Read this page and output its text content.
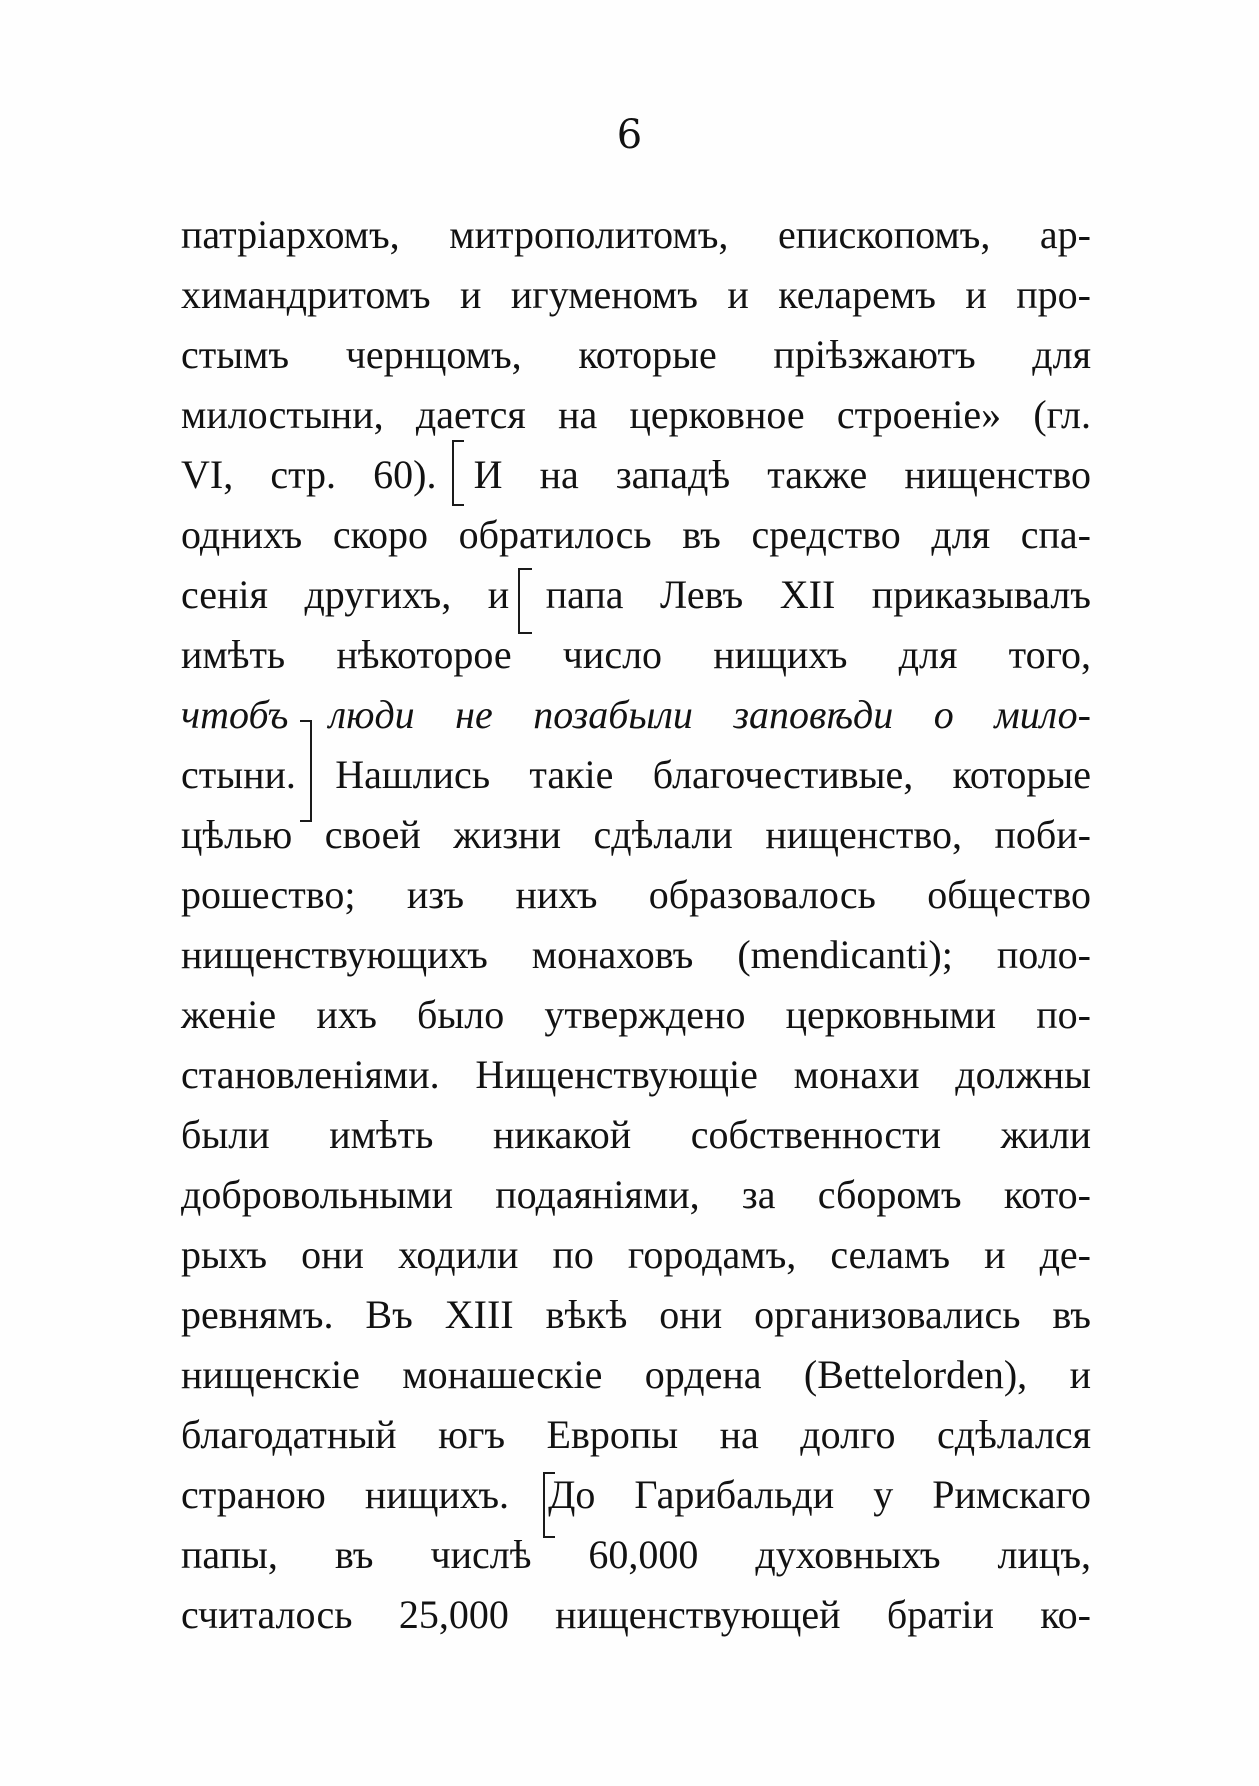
6
патріархомъ, митрополитомъ, епископомъ, ар-
химандритомъ и игуменомъ и келаремъ и про-
стымъ чернцомъ, которые пріѣзжаютъ для
милостыни, дается на церковное строеніе» (гл.
VI, стр. 60). И на западѣ также нищенство
однихъ скоро обратилось въ средство для спа-
сенія другихъ, и папа Левъ XII приказывалъ
имѣть нѣкоторое число нищихъ для того,
чтобъ люди не позабыли заповѣди о мило-
стыни. Нашлись такіе благочестивые, которые
цѣлью своей жизни сдѣлали нищенство, поби-
рошество; изъ нихъ образовалось общество
нищенствующихъ монаховъ (mendicanti); поло-
женіе ихъ было утверждено церковными по-
становленіями. Нищенствующіе монахи должны
были имѣть никакой собственности жили
добровольными подаяніями, за сборомъ кото-
рыхъ они ходили по городамъ, селамъ и де-
ревнямъ. Въ XIII вѣкѣ они организовались въ
нищенскіе монашескіе ордена (Bettelorden), и
благодатный югъ Европы на долго сдѣлался
страною нищихъ. До Гарибальди у Римскаго
папы, въ числѣ 60,000 духовныхъ лицъ,
считалось 25,000 нищенствующей братіи ко-
